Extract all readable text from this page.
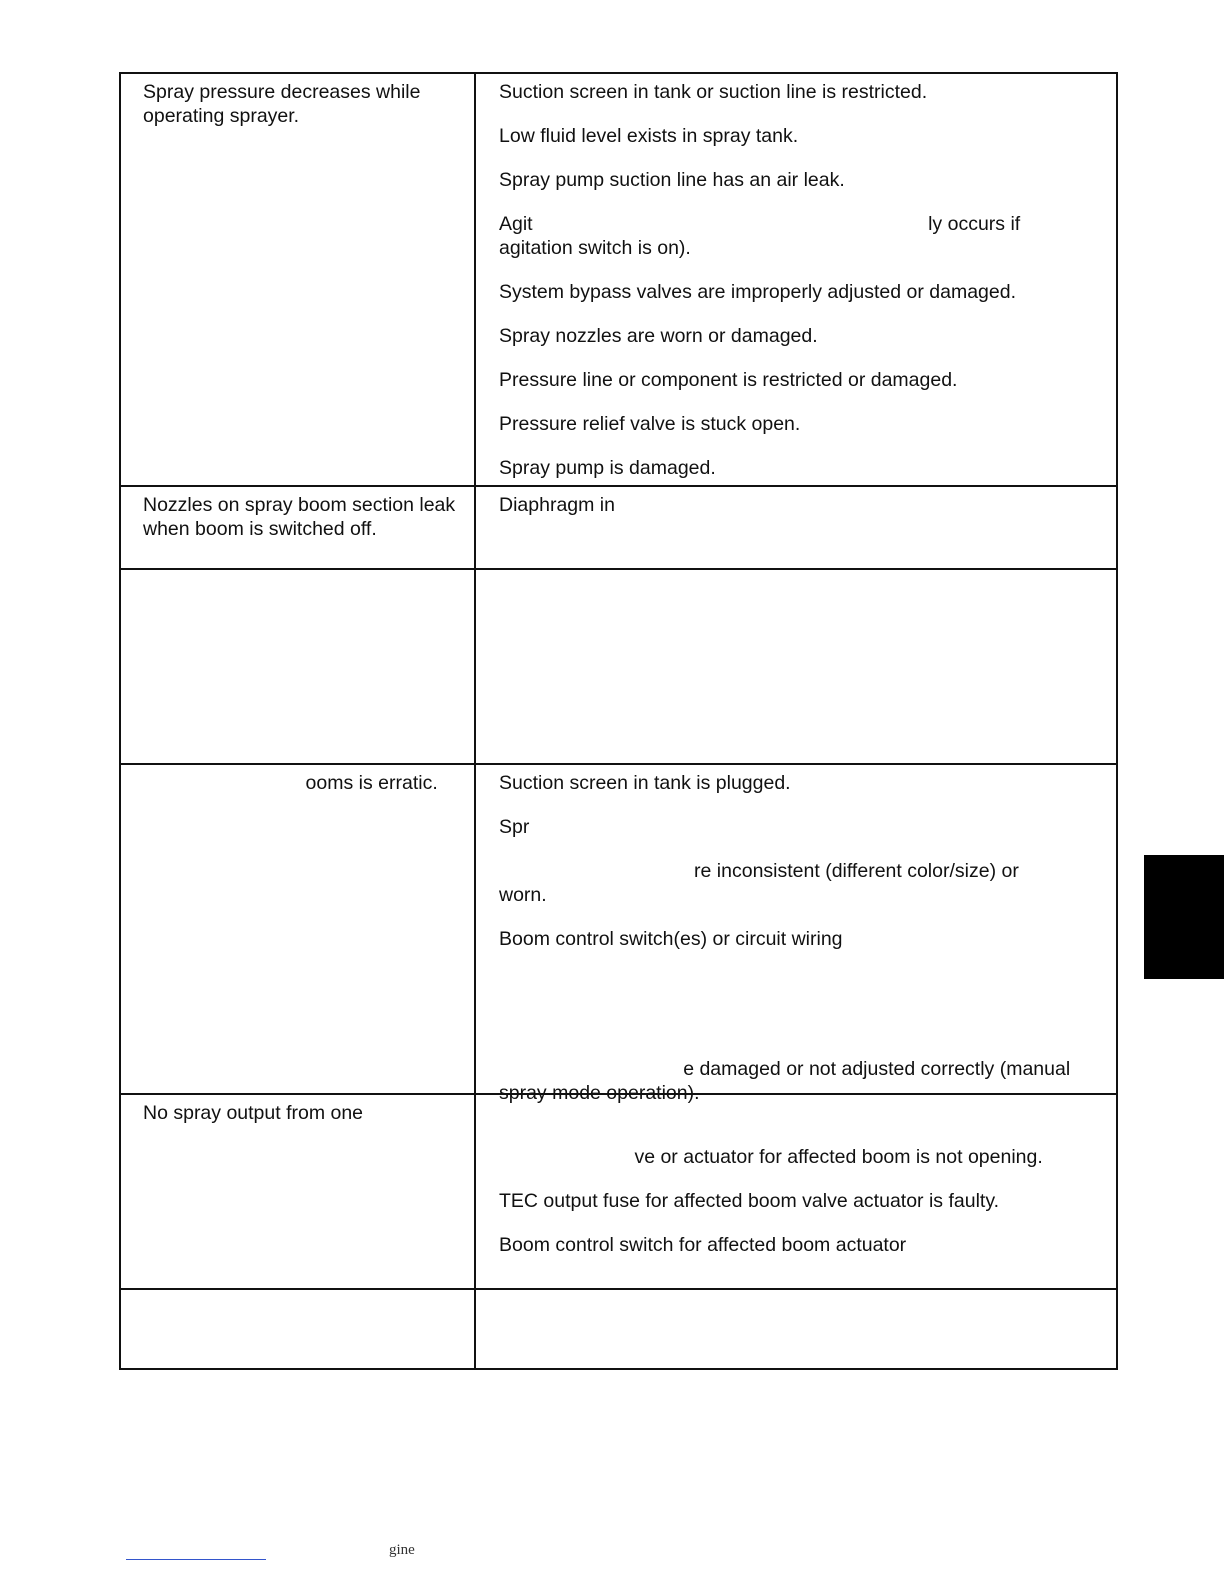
Spray pressure decreases while operating sprayer.
Suction screen in tank or suction line is restricted.
Low fluid level exists in spray tank.
Spray pump suction line has an air leak.
Agit                                                                         ly occurs if agitation switch is on).
System bypass valves are improperly adjusted or damaged.
Spray nozzles are worn or damaged.
Pressure line or component is restricted or damaged.
Pressure relief valve is stuck open.
Spray pump is damaged.
Nozzles on spray boom section leak when boom is switched off.
Diaphragm in
ooms is erratic.	Suction screen in tank is plugged.
Spr
re inconsistent (different color/size) or worn.
Boom control switch(es) or circuit wiring
e damaged or not adjusted correctly (manual spray mode operation).
No spray output from one
ve or actuator for affected boom is not opening.
TEC output fuse for affected boom valve actuator is faulty.
Boom control switch for affected boom actuator
gine
